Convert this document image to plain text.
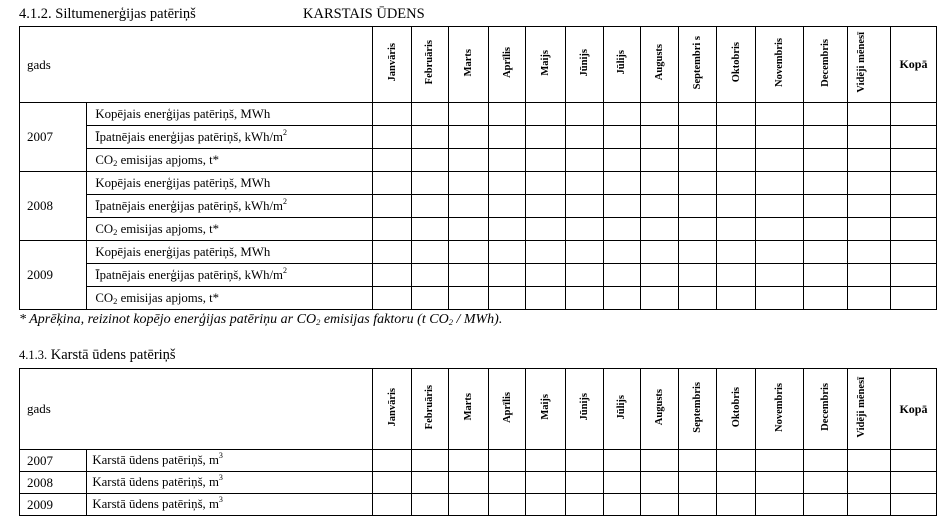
4.1.2. Siltumenerģijas patēriņš	KARSTAIS ŪDENS
gads		Janvāris	Februāris	Marts	Aprīlis	Maijs	Jūnijs	Jūlijs	Augusts	Septembri s	Oktobris	Novembris	Decembris	Vidēji mēnesī	Kopā
2007	Kopējais enerģijas patēriņš, MWh														
	Īpatnējais enerģijas patēriņš, kWh/$m^2$														
	$CO_2$ emisijas apjoms, t*														
2008	Kopējais enerģijas patēriņš, MWh														
	Īpatnējais enerģijas patēriņš, kWh/$m^2$														
	$CO_2$ emisijas apjoms, t*														
2009	Kopējais enerģijas patēriņš, MWh														
	Īpatnējais enerģijas patēriņš, kWh/$m^2$														
	$CO_2$ emisijas apjoms, t*														
* Aprēķina, reizinot kopējo enerģijas patēriņu ar $CO_2$ emisijas faktoru (t $CO_2 / MWh$).
4.1.3. Karstā ūdens patēriņš
gads		Janvāris	Februāris	Marts	Aprīlis	Maijs	Jūnijs	Jūlijs	Augusts	Septembris	Oktobris	Novembris	Decembris	Vidēji mēnesī	Kopā
2007	Karstā ūdens patēriņš, $m^3$														
2008	Karstā ūdens patēriņš, $m^3$														
2009	Karstā ūdens patēriņš, $m^3$														
